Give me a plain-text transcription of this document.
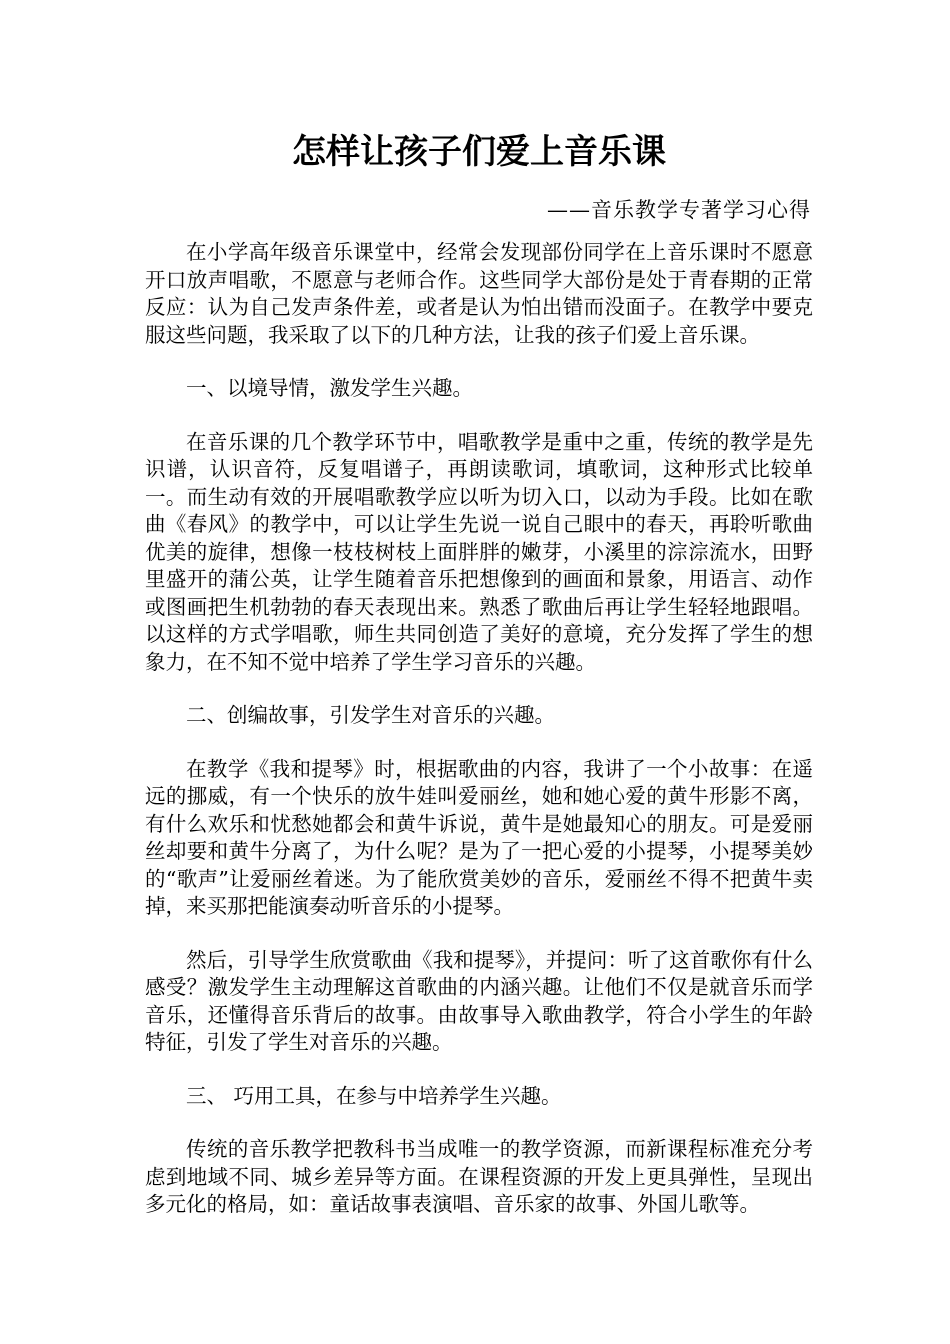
怎样让孩子们爱上音乐课

——音乐教学专著学习心得

在小学高年级音乐课堂中，经常会发现部份同学在上音乐课时不愿意开口放声唱歌，不愿意与老师合作。这些同学大部份是处于青春期的正常反应：认为自己发声条件差，或者是认为怕出错而没面子。在教学中要克服这些问题，我采取了以下的几种方法，让我的孩子们爱上音乐课。

一、以境导情，激发学生兴趣。

在音乐课的几个教学环节中，唱歌教学是重中之重，传统的教学是先识谱，认识音符，反复唱谱子，再朗读歌词，填歌词，这种形式比较单一。而生动有效的开展唱歌教学应以听为切入口，以动为手段。比如在歌曲《春风》的教学中，可以让学生先说一说自己眼中的春天，再聆听歌曲优美的旋律，想像一枝枝树枝上面胖胖的嫩芽，小溪里的淙淙流水，田野里盛开的蒲公英，让学生随着音乐把想像到的画面和景象，用语言、动作或图画把生机勃勃的春天表现出来。熟悉了歌曲后再让学生轻轻地跟唱。以这样的方式学唱歌，师生共同创造了美好的意境，充分发挥了学生的想象力，在不知不觉中培养了学生学习音乐的兴趣。

二、创编故事，引发学生对音乐的兴趣。

在教学《我和提琴》时，根据歌曲的内容，我讲了一个小故事：在遥远的挪威，有一个快乐的放牛娃叫爱丽丝，她和她心爱的黄牛形影不离，有什么欢乐和忧愁她都会和黄牛诉说，黄牛是她最知心的朋友。可是爱丽丝却要和黄牛分离了，为什么呢？是为了一把心爱的小提琴，小提琴美妙的“歌声”让爱丽丝着迷。为了能欣赏美妙的音乐，爱丽丝不得不把黄牛卖掉，来买那把能演奏动听音乐的小提琴。

然后，引导学生欣赏歌曲《我和提琴》，并提问：听了这首歌你有什么感受？激发学生主动理解这首歌曲的内涵兴趣。让他们不仅是就音乐而学音乐，还懂得音乐背后的故事。由故事导入歌曲教学，符合小学生的年龄特征，引发了学生对音乐的兴趣。

三、 巧用工具，在参与中培养学生兴趣。

传统的音乐教学把教科书当成唯一的教学资源，而新课程标准充分考虑到地域不同、城乡差异等方面。在课程资源的开发上更具弹性，呈现出多元化的格局，如：童话故事表演唱、音乐家的故事、外国儿歌等。
